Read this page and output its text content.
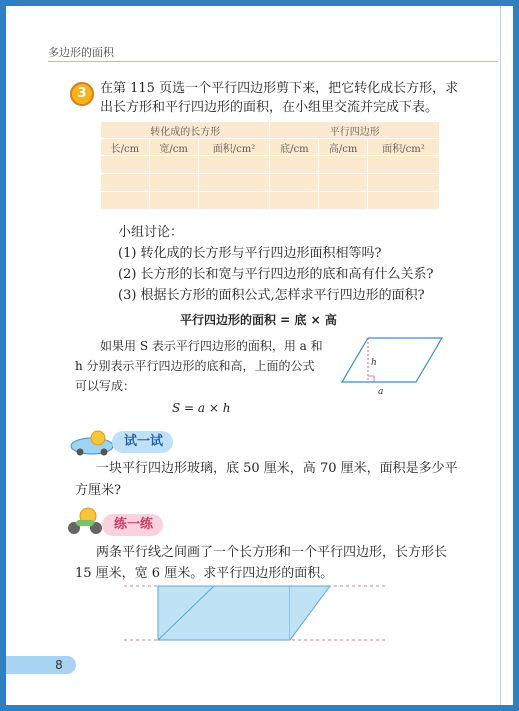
多边形的面积
3	在第 115 页选一个平行四边形剪下来，把它转化成长方形，求
出长方形和平行四边形的面积，在小组里交流并完成下表。
转化成的长方形			平行四边形		
长/cm	宽/cm	面积/cm²	底/cm	高/cm	面积/cm²

小组讨论：
(1) 转化成的长方形与平行四边形面积相等吗?
(2) 长方形的长和宽与平行四边形的底和高有什么关系?
(3) 根据长方形的面积公式,怎样求平行四边形的面积?
平行四边形的面积 = 底 × 高
如果用 S 表示平行四边形的面积，用 a 和
h 分别表示平行四边形的底和高，上面的公式
可以写成：
S = a × h
h
a
试一试
一块平行四边形玻璃，底 50 厘米，高 70 厘米，面积是多少平
方厘米?
练一练
两条平行线之间画了一个长方形和一个平行四边形，长方形长
15 厘米，宽 6 厘米。求平行四边形的面积。
8
